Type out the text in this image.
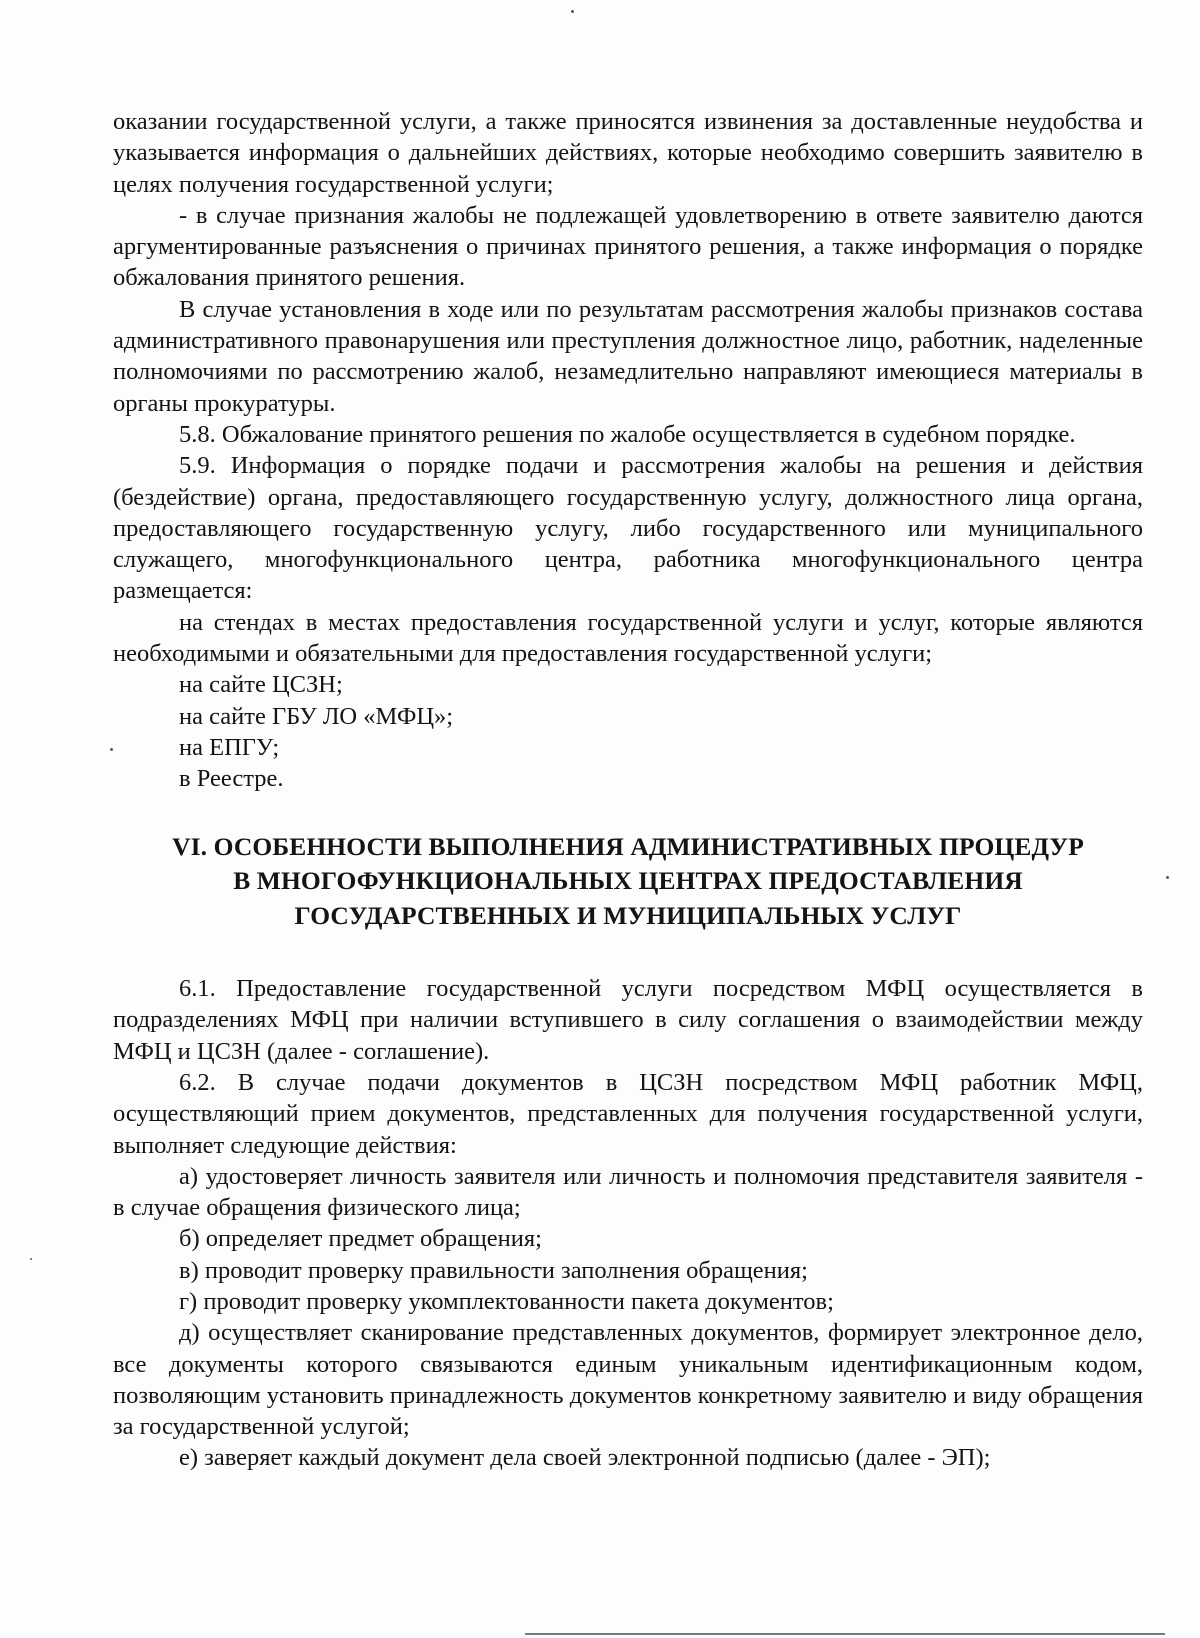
оказании государственной услуги, а также приносятся извинения за доставленные неудобства и указывается информация о дальнейших действиях, которые необходимо совершить заявителю в целях получения государственной услуги;

- в случае признания жалобы не подлежащей удовлетворению в ответе заявителю даются аргументированные разъяснения о причинах принятого решения, а также информация о порядке обжалования принятого решения.

В случае установления в ходе или по результатам рассмотрения жалобы признаков состава административного правонарушения или преступления должностное лицо, работник, наделенные полномочиями по рассмотрению жалоб, незамедлительно направляют имеющиеся материалы в органы прокуратуры.

5.8. Обжалование принятого решения по жалобе осуществляется в судебном порядке.

5.9. Информация о порядке подачи и рассмотрения жалобы на решения и действия (бездействие) органа, предоставляющего государственную услугу, должностного лица органа, предоставляющего государственную услугу, либо государственного или муниципального служащего, многофункционального центра, работника многофункционального центра размещается:

на стендах в местах предоставления государственной услуги и услуг, которые являются необходимыми и обязательными для предоставления государственной услуги;

на сайте ЦСЗН;

на сайте ГБУ ЛО «МФЦ»;

на ЕПГУ;

в Реестре.

VI. ОСОБЕННОСТИ ВЫПОЛНЕНИЯ АДМИНИСТРАТИВНЫХ ПРОЦЕДУР
В МНОГОФУНКЦИОНАЛЬНЫХ ЦЕНТРАХ ПРЕДОСТАВЛЕНИЯ
ГОСУДАРСТВЕННЫХ И МУНИЦИПАЛЬНЫХ УСЛУГ

6.1. Предоставление государственной услуги посредством МФЦ осуществляется в подразделениях МФЦ при наличии вступившего в силу соглашения о взаимодействии между МФЦ и ЦСЗН (далее - соглашение).

6.2. В случае подачи документов в ЦСЗН посредством МФЦ работник МФЦ, осуществляющий прием документов, представленных для получения государственной услуги, выполняет следующие действия:

а) удостоверяет личность заявителя или личность и полномочия представителя заявителя - в случае обращения физического лица;

б) определяет предмет обращения;

в) проводит проверку правильности заполнения обращения;

г) проводит проверку укомплектованности пакета документов;

д) осуществляет сканирование представленных документов, формирует электронное дело, все документы которого связываются единым уникальным идентификационным кодом, позволяющим установить принадлежность документов конкретному заявителю и виду обращения за государственной услугой;

е) заверяет каждый документ дела своей электронной подписью (далее - ЭП);
